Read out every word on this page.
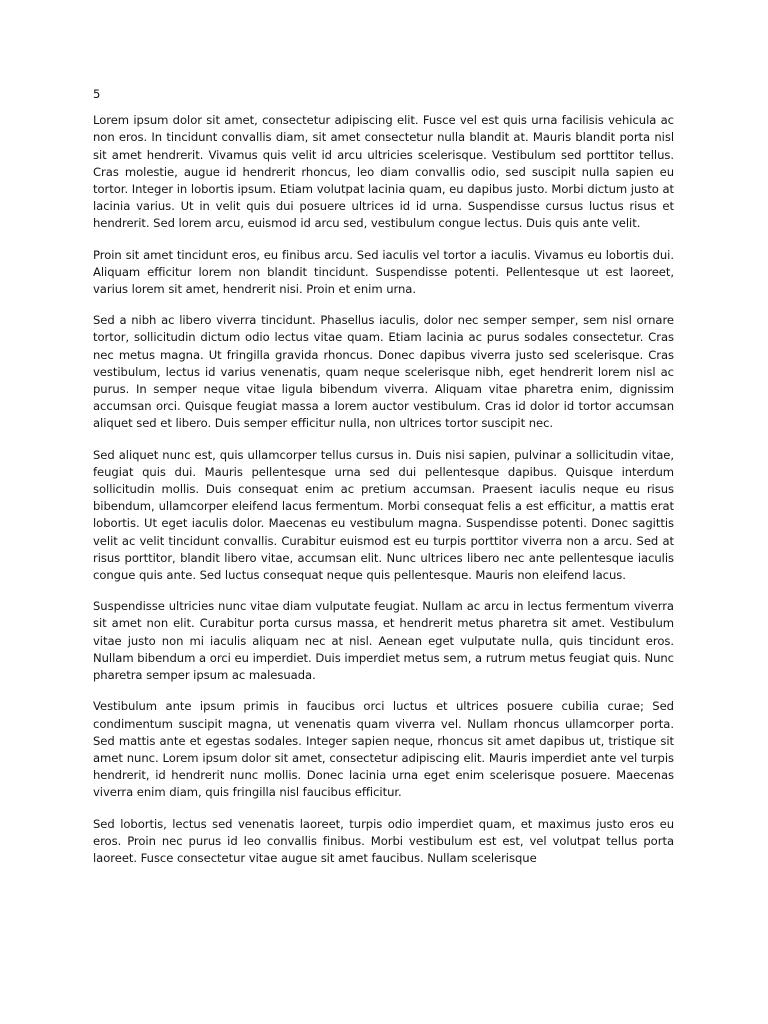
5

Lorem ipsum dolor sit amet, consectetur adipiscing elit. Fusce vel est quis urna facilisis vehicula ac non eros. In tincidunt convallis diam, sit amet consectetur nulla blandit at. Mauris blandit porta nisl sit amet hendrerit. Vivamus quis velit id arcu ultricies scelerisque. Vestibulum sed porttitor tellus. Cras molestie, augue id hendrerit rhoncus, leo diam convallis odio, sed suscipit nulla sapien eu tortor. Integer in lobortis ipsum. Etiam volutpat lacinia quam, eu dapibus justo. Morbi dictum justo at lacinia varius. Ut in velit quis dui posuere ultrices id id urna. Suspendisse cursus luctus risus et hendrerit. Sed lorem arcu, euismod id arcu sed, vestibulum congue lectus. Duis quis ante velit.

Proin sit amet tincidunt eros, eu finibus arcu. Sed iaculis vel tortor a iaculis. Vivamus eu lobortis dui. Aliquam efficitur lorem non blandit tincidunt. Suspendisse potenti. Pellentesque ut est laoreet, varius lorem sit amet, hendrerit nisi. Proin et enim urna.

Sed a nibh ac libero viverra tincidunt. Phasellus iaculis, dolor nec semper semper, sem nisl ornare tortor, sollicitudin dictum odio lectus vitae quam. Etiam lacinia ac purus sodales consectetur. Cras nec metus magna. Ut fringilla gravida rhoncus. Donec dapibus viverra justo sed scelerisque. Cras vestibulum, lectus id varius venenatis, quam neque scelerisque nibh, eget hendrerit lorem nisl ac purus. In semper neque vitae ligula bibendum viverra. Aliquam vitae pharetra enim, dignissim accumsan orci. Quisque feugiat massa a lorem auctor vestibulum. Cras id dolor id tortor accumsan aliquet sed et libero. Duis semper efficitur nulla, non ultrices tortor suscipit nec.

Sed aliquet nunc est, quis ullamcorper tellus cursus in. Duis nisi sapien, pulvinar a sollicitudin vitae, feugiat quis dui. Mauris pellentesque urna sed dui pellentesque dapibus. Quisque interdum sollicitudin mollis. Duis consequat enim ac pretium accumsan. Praesent iaculis neque eu risus bibendum, ullamcorper eleifend lacus fermentum. Morbi consequat felis a est efficitur, a mattis erat lobortis. Ut eget iaculis dolor. Maecenas eu vestibulum magna. Suspendisse potenti. Donec sagittis velit ac velit tincidunt convallis. Curabitur euismod est eu turpis porttitor viverra non a arcu. Sed at risus porttitor, blandit libero vitae, accumsan elit. Nunc ultrices libero nec ante pellentesque iaculis congue quis ante. Sed luctus consequat neque quis pellentesque. Mauris non eleifend lacus.

Suspendisse ultricies nunc vitae diam vulputate feugiat. Nullam ac arcu in lectus fermentum viverra sit amet non elit. Curabitur porta cursus massa, et hendrerit metus pharetra sit amet. Vestibulum vitae justo non mi iaculis aliquam nec at nisl. Aenean eget vulputate nulla, quis tincidunt eros. Nullam bibendum a orci eu imperdiet. Duis imperdiet metus sem, a rutrum metus feugiat quis. Nunc pharetra semper ipsum ac malesuada.

Vestibulum ante ipsum primis in faucibus orci luctus et ultrices posuere cubilia curae; Sed condimentum suscipit magna, ut venenatis quam viverra vel. Nullam rhoncus ullamcorper porta. Sed mattis ante et egestas sodales. Integer sapien neque, rhoncus sit amet dapibus ut, tristique sit amet nunc. Lorem ipsum dolor sit amet, consectetur adipiscing elit. Mauris imperdiet ante vel turpis hendrerit, id hendrerit nunc mollis. Donec lacinia urna eget enim scelerisque posuere. Maecenas viverra enim diam, quis fringilla nisl faucibus efficitur.

Sed lobortis, lectus sed venenatis laoreet, turpis odio imperdiet quam, et maximus justo eros eu eros. Proin nec purus id leo convallis finibus. Morbi vestibulum est est, vel volutpat tellus porta laoreet. Fusce consectetur vitae augue sit amet faucibus. Nullam scelerisque
